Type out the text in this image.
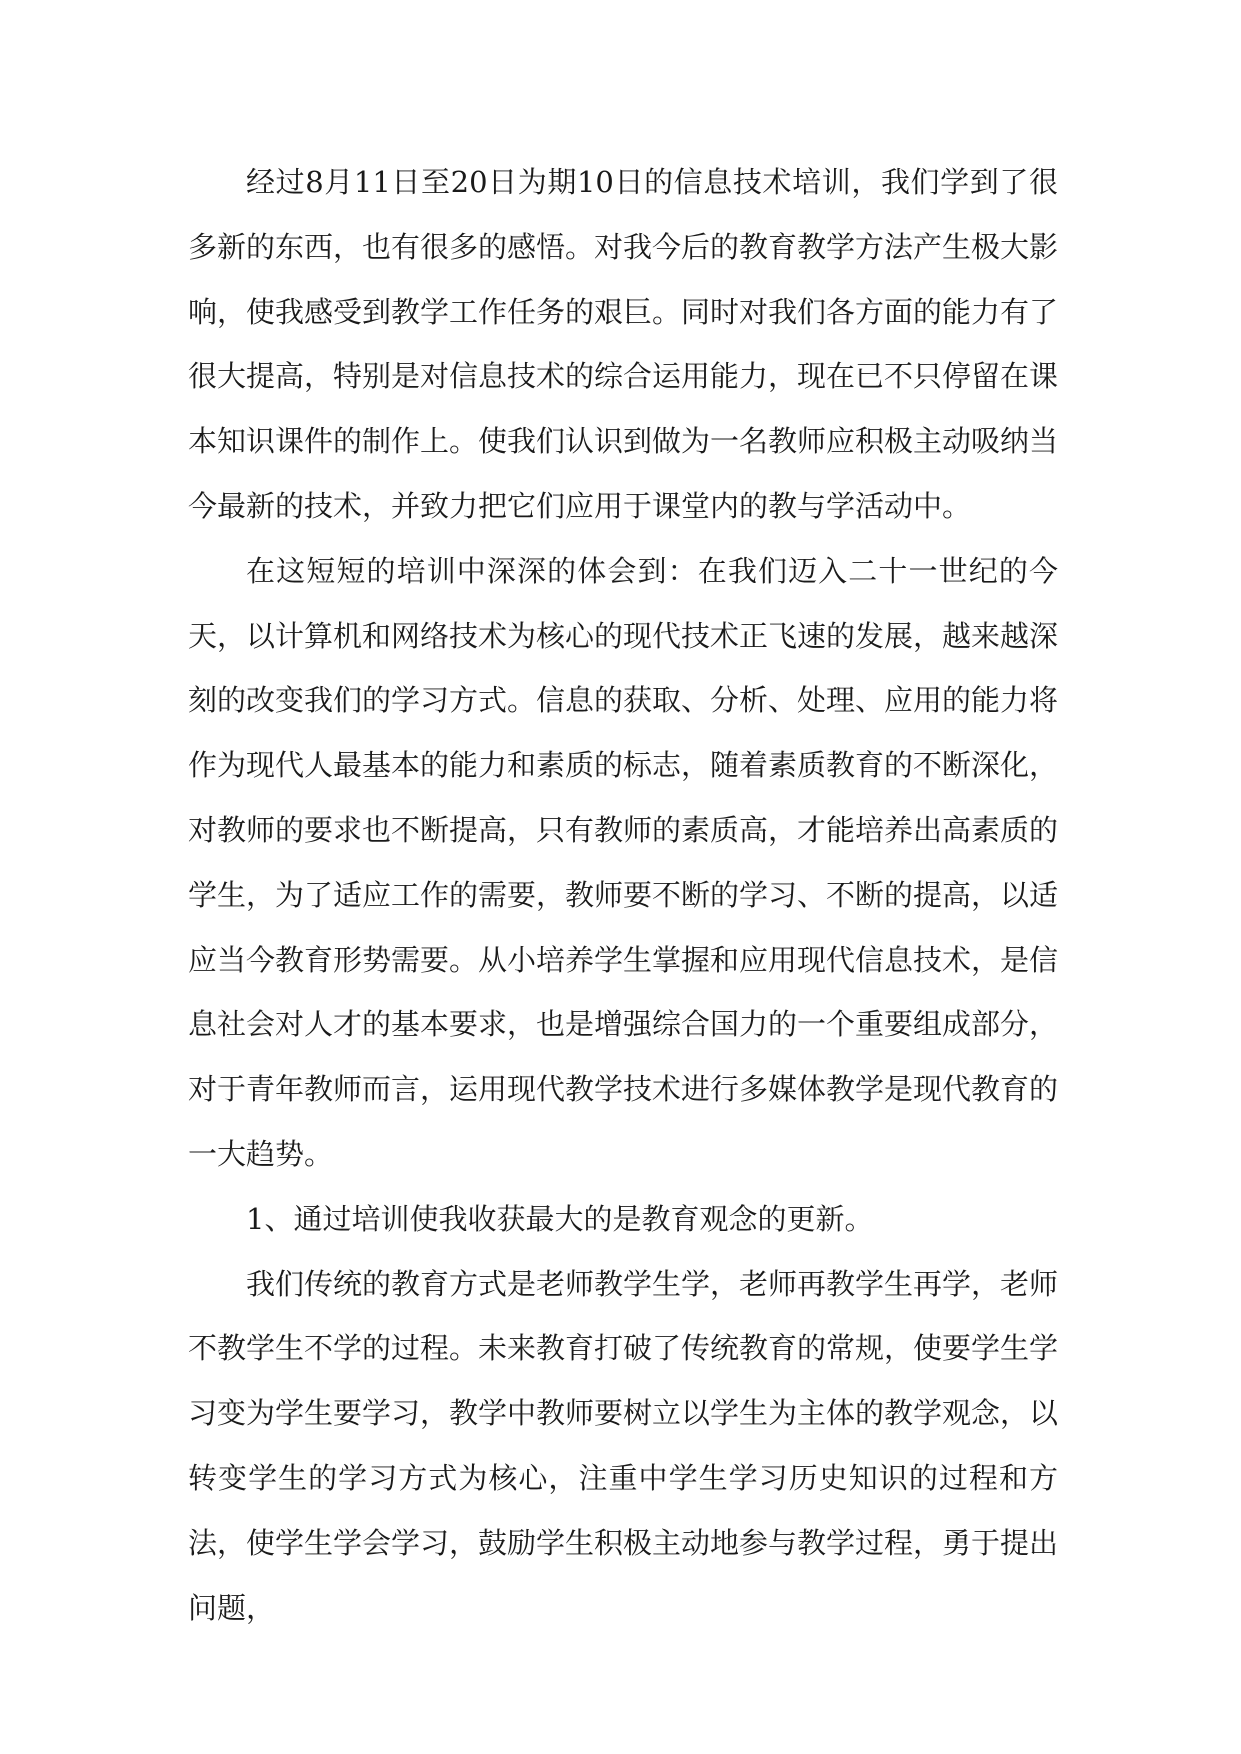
经过8月11日至20日为期10日的信息技术培训，我们学到了很多新的东西，也有很多的感悟。对我今后的教育教学方法产生极大影响，使我感受到教学工作任务的艰巨。同时对我们各方面的能力有了很大提高，特别是对信息技术的综合运用能力，现在已不只停留在课本知识课件的制作上。使我们认识到做为一名教师应积极主动吸纳当今最新的技术，并致力把它们应用于课堂内的教与学活动中。

在这短短的培训中深深的体会到：在我们迈入二十一世纪的今天，以计算机和网络技术为核心的现代技术正飞速的发展，越来越深刻的改变我们的学习方式。信息的获取、分析、处理、应用的能力将作为现代人最基本的能力和素质的标志，随着素质教育的不断深化，对教师的要求也不断提高，只有教师的素质高，才能培养出高素质的学生，为了适应工作的需要，教师要不断的学习、不断的提高，以适应当今教育形势需要。从小培养学生掌握和应用现代信息技术，是信息社会对人才的基本要求，也是增强综合国力的一个重要组成部分，对于青年教师而言，运用现代教学技术进行多媒体教学是现代教育的一大趋势。

1、通过培训使我收获最大的是教育观念的更新。

我们传统的教育方式是老师教学生学，老师再教学生再学，老师不教学生不学的过程。未来教育打破了传统教育的常规，使要学生学习变为学生要学习，教学中教师要树立以学生为主体的教学观念，以转变学生的学习方式为核心，注重中学生学习历史知识的过程和方法，使学生学会学习，鼓励学生积极主动地参与教学过程，勇于提出问题，
